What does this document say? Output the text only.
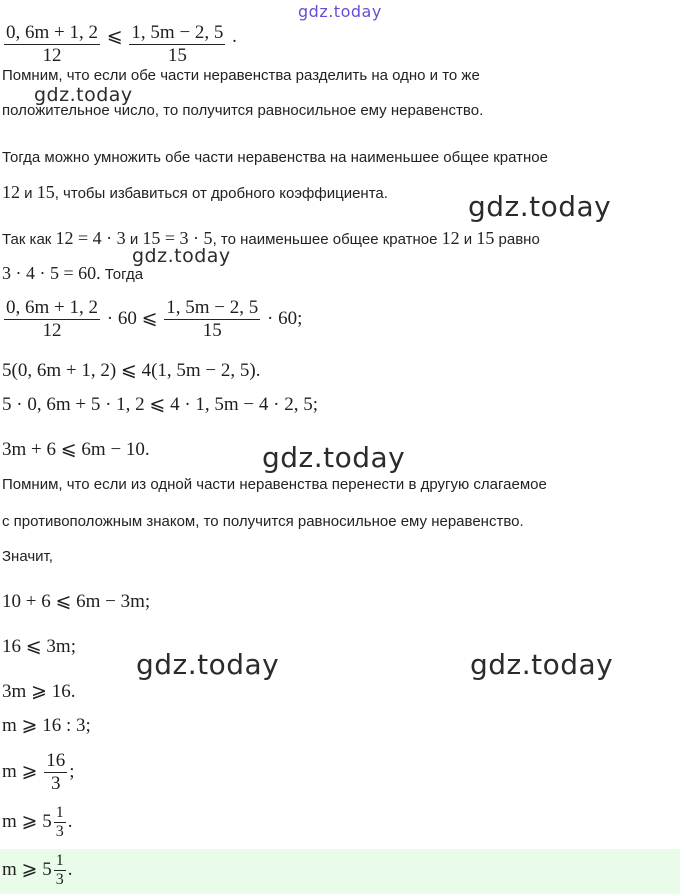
gdz.today
gdz.today
gdz.today
gdz.today
gdz.today
gdz.today	gdz.today
$\frac{0, 6m + 1, 2}{12}$ ⩽ $\frac{1, 5m - 2, 5}{15}$ .
Помним, что если обе части неравенства разделить на одно и то же
положительное число, то получится равносильное ему неравенство.
Тогда можно умножить обе части неравенства на наименьшее общее кратное
12 и 15, чтобы избавиться от дробного коэффициента.
Так как 12 = 4 · 3 и 15 = 3 · 5, то наименьшее общее кратное 12 и 15 равно
3 · 4 · 5 = 60. Тогда
$\frac{0, 6m + 1, 2}{12} \cdot 60$ ⩽ $\frac{1, 5m - 2, 5}{15} \cdot 60$;
5(0, 6m + 1, 2) ⩽ 4(1, 5m − 2, 5).
5 · 0, 6m + 5 · 1, 2 ⩽ 4 · 1, 5m − 4 · 2, 5;
3m + 6 ⩽ 6m − 10.
Помним, что если из одной части неравенства перенести в другую слагаемое
с противоположным знаком, то получится равносильное ему неравенство.
Значит,
10 + 6 ⩽ 6m − 3m;
16 ⩽ 3m;
3m ⩾ 16.
m ⩾ 16 : 3;
m ⩾ $\frac{16}{3}$ ;
m ⩾ $5 \frac{1}{3}$ .
m ⩾ $5 \frac{1}{3}$ .
